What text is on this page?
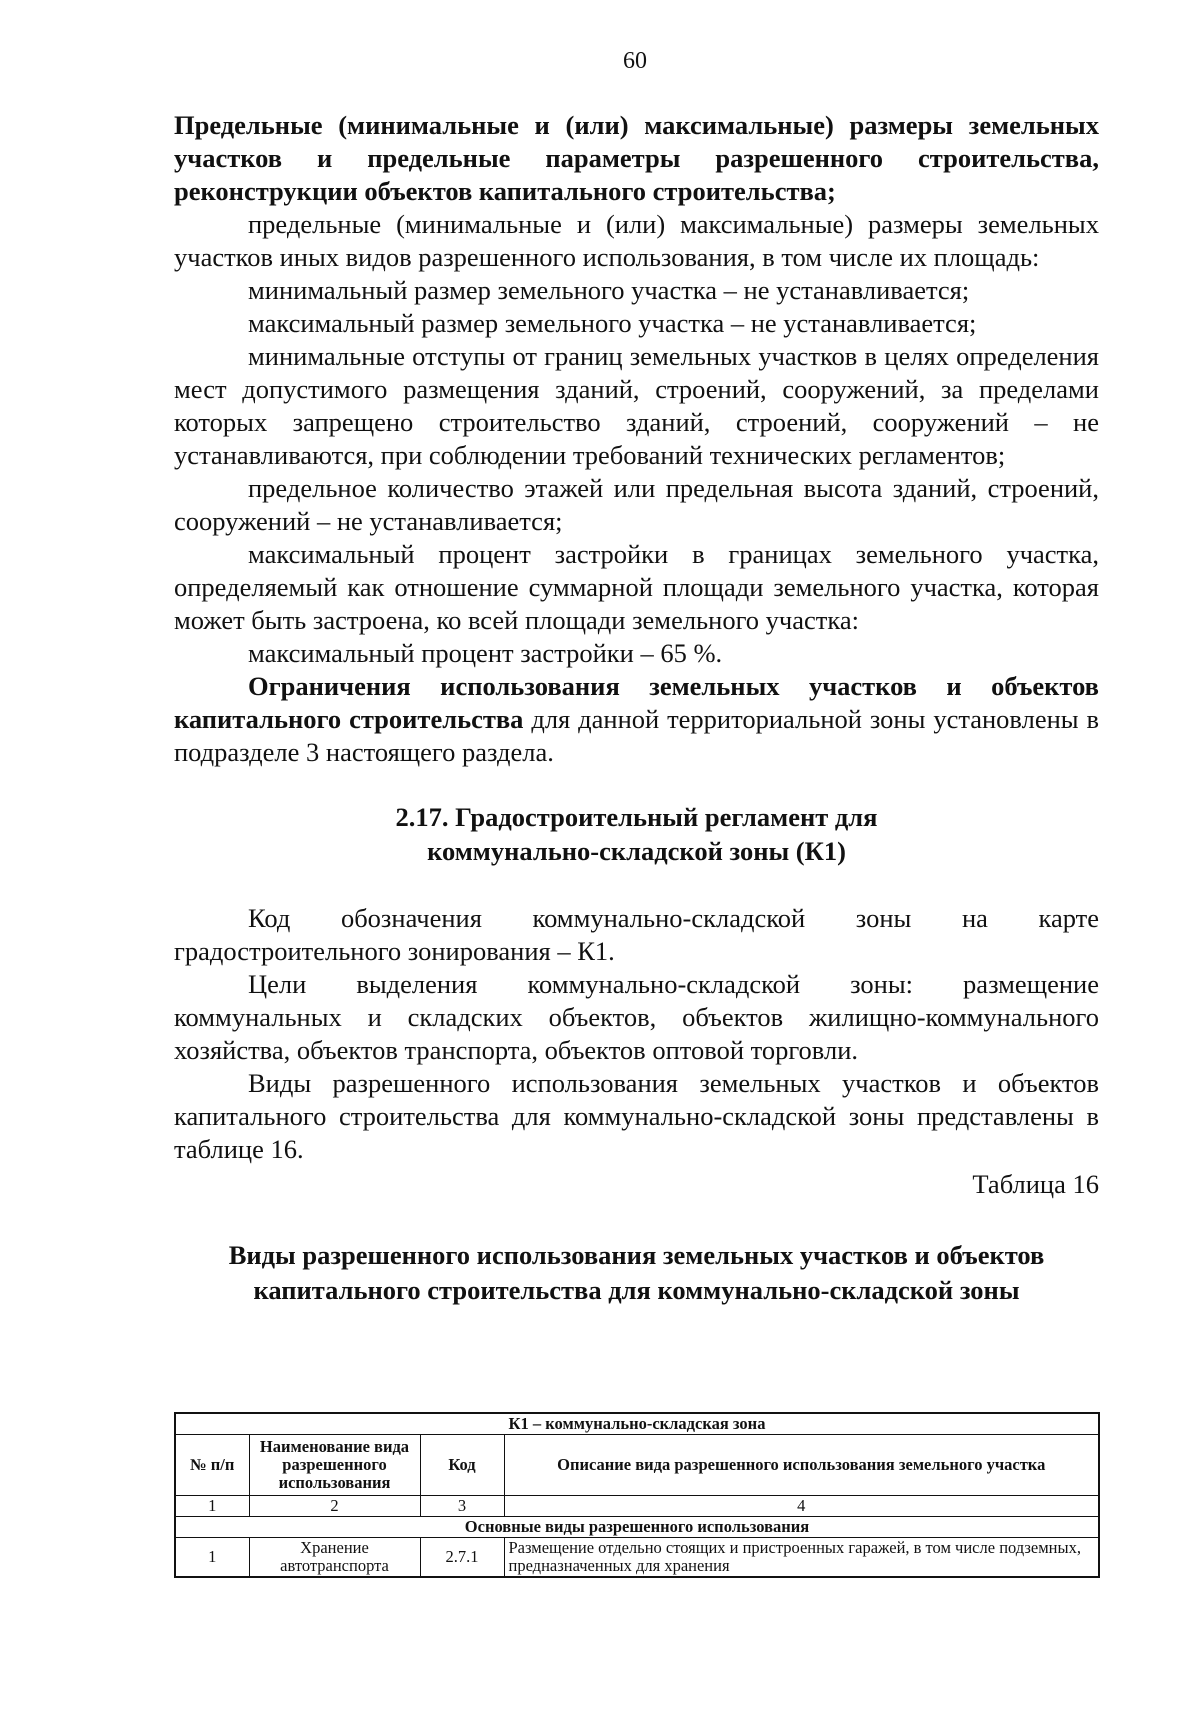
60

Предельные (минимальные и (или) максимальные) размеры земельных участков и предельные параметры разрешенного строительства, реконструкции объектов капитального строительства;

предельные (минимальные и (или) максимальные) размеры земельных участков иных видов разрешенного использования, в том числе их площадь:

минимальный размер земельного участка – не устанавливается;

максимальный размер земельного участка – не устанавливается;

минимальные отступы от границ земельных участков в целях определения мест допустимого размещения зданий, строений, сооружений, за пределами которых запрещено строительство зданий, строений, сооружений – не устанавливаются, при соблюдении требований технических регламентов;

предельное количество этажей или предельная высота зданий, строений, сооружений – не устанавливается;

максимальный процент застройки в границах земельного участка, определяемый как отношение суммарной площади земельного участка, которая может быть застроена, ко всей площади земельного участка:

максимальный процент застройки – 65 %.

Ограничения использования земельных участков и объектов капитального строительства для данной территориальной зоны установлены в подразделе 3 настоящего раздела.

2.17. Градостроительный регламент для
коммунально-складской зоны (К1)

Код обозначения коммунально-складской зоны на карте градостроительного зонирования – К1.

Цели выделения коммунально-складской зоны: размещение коммунальных и складских объектов, объектов жилищно-коммунального хозяйства, объектов транспорта, объектов оптовой торговли.

Виды разрешенного использования земельных участков и объектов капитального строительства для коммунально-складской зоны представлены в таблице 16.

Таблица 16

Виды разрешенного использования земельных участков и объектов
капитального строительства для коммунально-складской зоны
К1 – коммунально-складская зона			
№ п/п	Наименование вида разрешенного использования	Код	Описание вида разрешенного использования земельного участка
1	2	3	4
Основные виды разрешенного использования			
1	Хранение автотранспорта	2.7.1	Размещение отдельно стоящих и пристроенных гаражей, в том числе подземных, предназначенных для хранения
